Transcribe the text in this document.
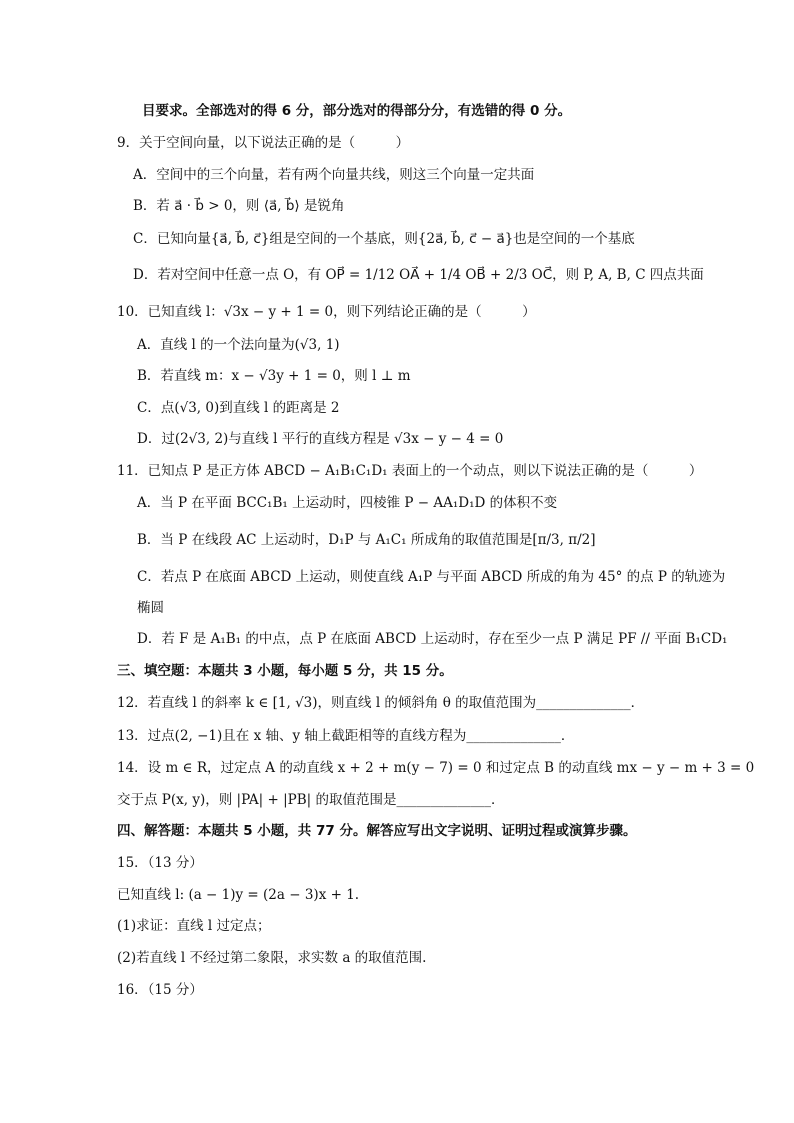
目要求。全部选对的得 6 分，部分选对的得部分分，有选错的得 0 分。
9．关于空间向量，以下说法正确的是（　　　）
A．空间中的三个向量，若有两个向量共线，则这三个向量一定共面
B．若 a⃗ · b⃗ > 0，则 ⟨a⃗, b⃗⟩ 是锐角
C．已知向量{a⃗, b⃗, c⃗}组是空间的一个基底，则{2a⃗, b⃗, c⃗ − a⃗}也是空间的一个基底
D．若对空间中任意一点 O，有 OP⃗ = 1/12 OA⃗ + 1/4 OB⃗ + 2/3 OC⃗，则 P, A, B, C 四点共面
10．已知直线 l：√3x − y + 1 = 0，则下列结论正确的是（　　　）
A．直线 l 的一个法向量为(√3, 1)
B．若直线 m：x − √3y + 1 = 0，则 l ⊥ m
C．点(√3, 0)到直线 l 的距离是 2
D．过(2√3, 2)与直线 l 平行的直线方程是 √3x − y − 4 = 0
11．已知点 P 是正方体 ABCD − A₁B₁C₁D₁ 表面上的一个动点，则以下说法正确的是（　　　）
A．当 P 在平面 BCC₁B₁ 上运动时，四棱锥 P − AA₁D₁D 的体积不变
B．当 P 在线段 AC 上运动时，D₁P 与 A₁C₁ 所成角的取值范围是[π/3, π/2]
C．若点 P 在底面 ABCD 上运动，则使直线 A₁P 与平面 ABCD 所成的角为 45° 的点 P 的轨迹为
椭圆
D．若 F 是 A₁B₁ 的中点，点 P 在底面 ABCD 上运动时，存在至少一点 P 满足 PF // 平面 B₁CD₁
三、填空题：本题共 3 小题，每小题 5 分，共 15 分。
12．若直线 l 的斜率 k ∈ [1, √3)，则直线 l 的倾斜角 θ 的取值范围为______________．
13．过点(2, −1)且在 x 轴、y 轴上截距相等的直线方程为______________．
14．设 m ∈ R，过定点 A 的动直线 x + 2 + m(y − 7) = 0 和过定点 B 的动直线 mx − y − m + 3 = 0
交于点 P(x, y)，则 |PA| + |PB| 的取值范围是______________．
四、解答题：本题共 5 小题，共 77 分。解答应写出文字说明、证明过程或演算步骤。
15．（13 分）
已知直线 l: (a − 1)y = (2a − 3)x + 1.
(1)求证：直线 l 过定点；
(2)若直线 l 不经过第二象限，求实数 a 的取值范围.
16．（15 分）
